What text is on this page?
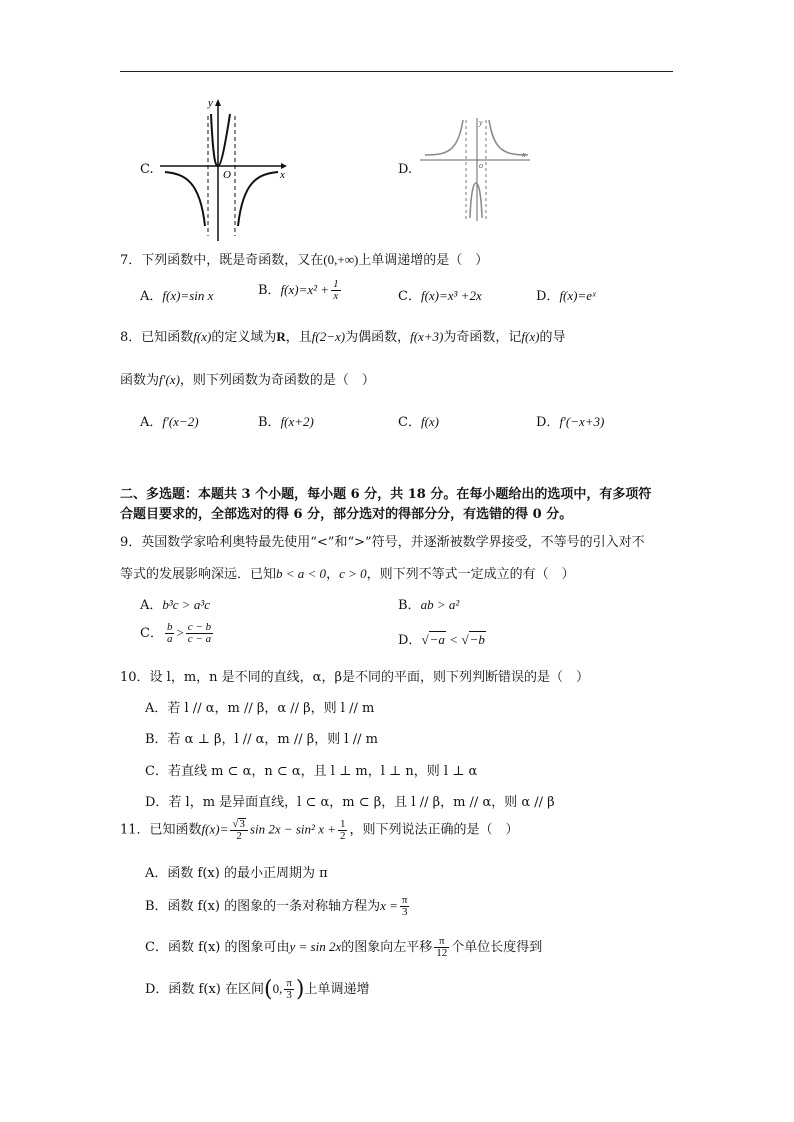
C.	O	x
y
D.
x
y
o
7．下列函数中，既是奇函数，又在(0,+∞)上单调递增的是（　）
A．f(x)=sin x	B．$f(x)=x^2 + \frac{1}{x}$	C．f(x)=x³ +2x	D．f(x)=eˣ
8．已知函数f(x)的定义域为R，且f(2−x)为偶函数，f(x+3)为奇函数，记f(x)的导
函数为f′(x)，则下列函数为奇函数的是（　）
A．f′(x−2)	B．f(x+2)	C．f(x)	D．f′(−x+3)
二、多选题：本题共 3 个小题，每小题 6 分，共 18 分。在每小题给出的选项中，有多项符
合题目要求的，全部选对的得 6 分，部分选对的得部分分，有选错的得 0 分。
9．英国数学家哈利奥特最先使用“<”和“>”符号，并逐渐被数学界接受，不等号的引入对不
等式的发展影响深远．已知b < a < 0，c > 0，则下列不等式一定成立的有（　）
A．b³c > a³c	B．ab > a²
C． $\frac{b}{a} > \frac{c - b}{c - a}$	D．√−a < √−b
10．设 l，m，n 是不同的直线，α，β是不同的平面，则下列判断错误的是（　）
A．若 l // α，m // β，α // β，则 l // m
B．若 α ⊥ β，l // α，m // β，则 l // m
C．若直线 m ⊂ α，n ⊂ α，且 l ⊥ m，l ⊥ n，则 l ⊥ α
D．若 l，m 是异面直线，l ⊂ α，m ⊂ β，且 l // β，m // α，则 α // β
11．已知函数$f(x)= \frac{√3}{2}$ sin 2x − sin² $x + \frac{1}{2}$ ，则下列说法正确的是（　）
A．函数 f(x) 的最小正周期为 π
B．函数 f(x) 的图象的一条对称轴方程为$x = \frac{\pi}{3}$
C．函数 f(x) 的图象可由y = sin 2x的图象向左平移 $\frac{\pi}{12}$ 个单位长度得到
D．函数 f(x) 在区间(0, $\frac{\pi}{3}$ )上单调递增
